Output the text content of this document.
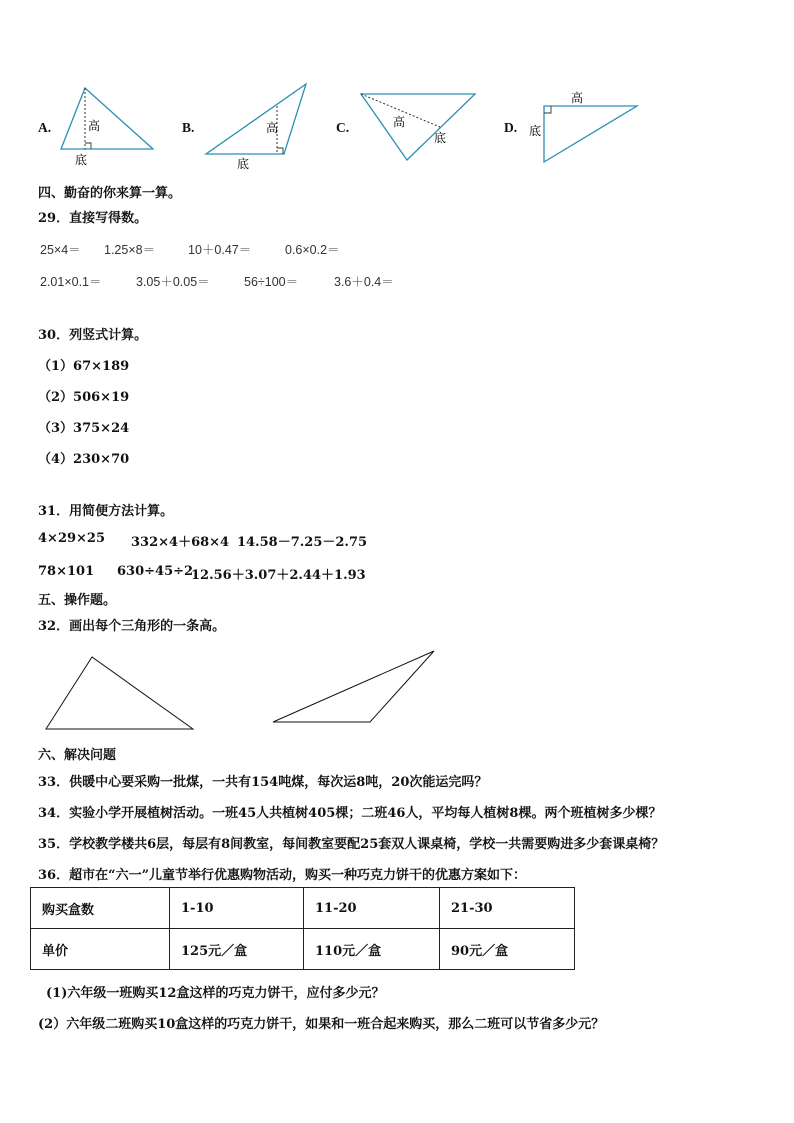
A.	高
底
B.	高
底
C.	高
底
D.
高
底
四、勤奋的你来算一算。
29．直接写得数。
25×4＝ 1.25×8＝	10＋0.47＝	0.6×0.2＝
2.01×0.1＝	3.05＋0.05＝	56÷100＝	3.6＋0.4＝
30．列竖式计算。
（1）67×189
（2）506×19
（3）375×24
（4）230×70
31．用简便方法计算。
4×29×25 332×4＋68×4 14.58－7.25－2.75
78×101 630÷45÷2
12.56＋3.07＋2.44＋1.93
五、操作题。
32．画出每个三角形的一条高。
六、解决问题
33．供暖中心要采购一批煤，一共有154吨煤，每次运8吨，20次能运完吗？
34．实验小学开展植树活动。一班45人共植树405棵；二班46人，平均每人植树8棵。两个班植树多少棵？
35．学校教学楼共6层，每层有8间教室，每间教室要配25套双人课桌椅，学校一共需要购进多少套课桌椅？
36．超市在“六一”儿童节举行优惠购物活动，购买一种巧克力饼干的优惠方案如下：
购买盒数	1-10	11-20	21-30
单价	125元／盒	110元／盒	90元／盒
(1)六年级一班购买12盒这样的巧克力饼干，应付多少元？
(2）六年级二班购买10盒这样的巧克力饼干，如果和一班合起来购买，那么二班可以节省多少元？
